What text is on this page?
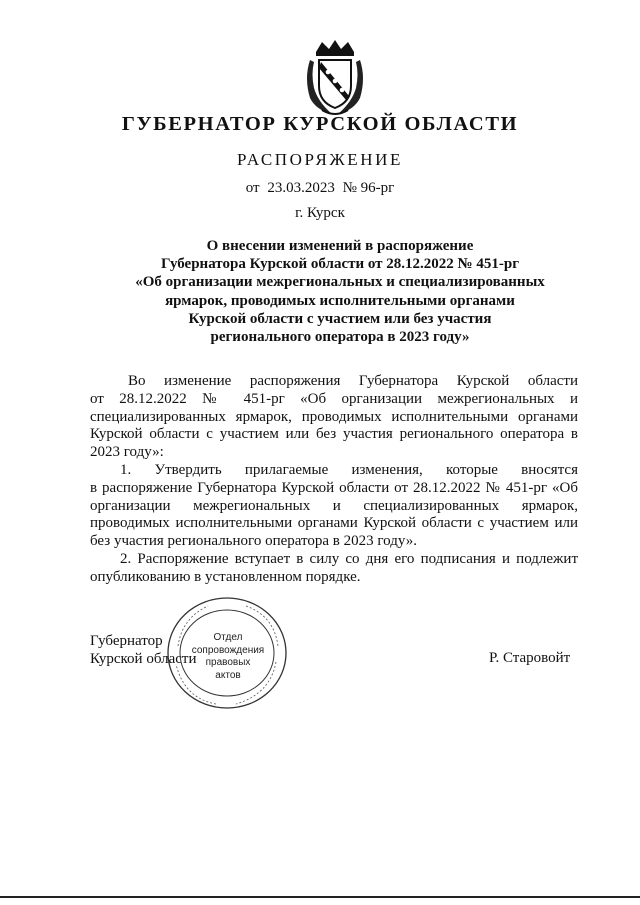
ГУБЕРНАТОР КУРСКОЙ ОБЛАСТИ
РАСПОРЯЖЕНИЕ
от 23.03.2023 № 96-рг
г. Курск
О внесении изменений в распоряжение
Губернатора Курской области от 28.12.2022 № 451-рг
«Об организации межрегиональных и специализированных
ярмарок, проводимых исполнительными органами
Курской области с участием или без участия
регионального оператора в 2023 году»
Во изменение распоряжения Губернатора Курской области
от 28.12.2022 № 451-рг «Об организации межрегиональных и
специализированных ярмарок, проводимых исполнительными органами
Курской области с участием или без участия регионального оператора в
2023 году»:
1. Утвердить прилагаемые изменения, которые вносятся
в распоряжение Губернатора Курской области от 28.12.2022 № 451-рг «Об
организации межрегиональных и специализированных ярмарок,
проводимых исполнительными органами Курской области с участием или
без участия регионального оператора в 2023 году».
2. Распоряжение вступает в силу со дня его подписания и подлежит
опубликованию в установленном порядке.
Губернатор
Курской области	Р. Старовойт
Отдел
сопровождения
правовых
актов
